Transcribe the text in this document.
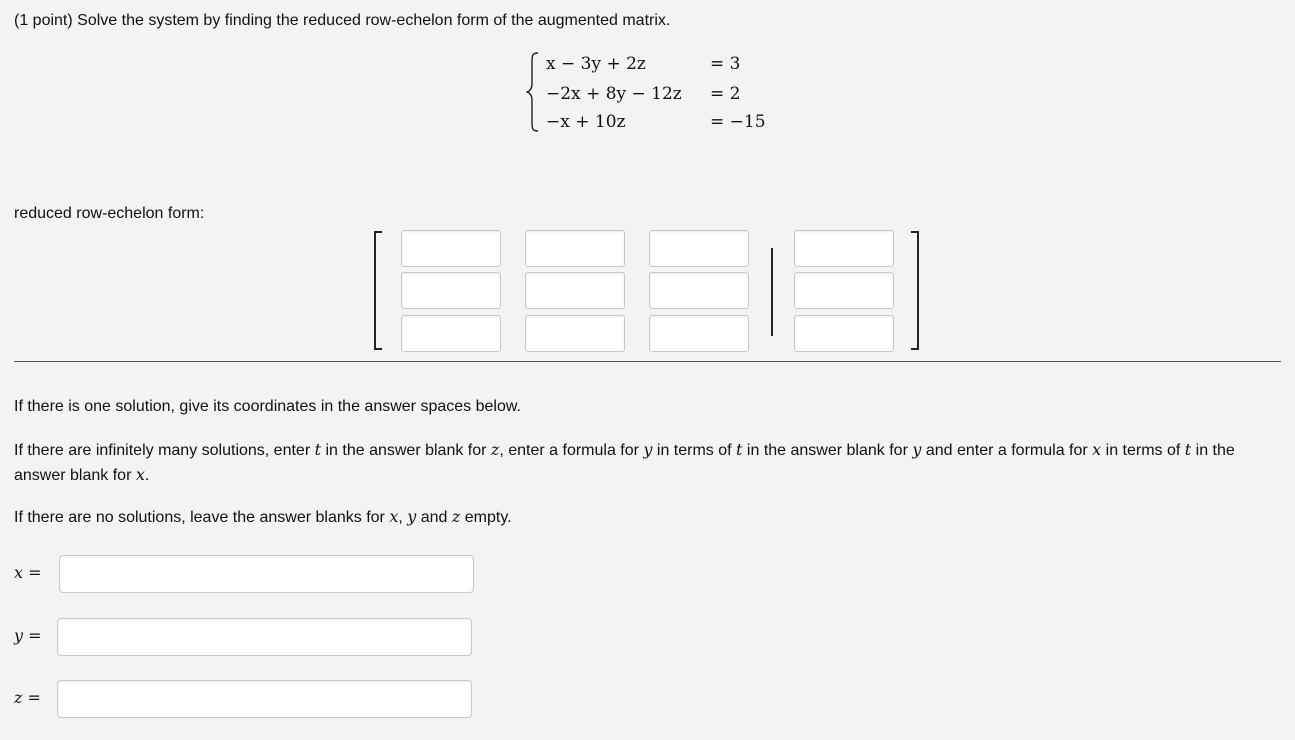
(1 point) Solve the system by finding the reduced row-echelon form of the augmented matrix.
x − 3y + 2z	= 3
−2x + 8y − 12z = 2
−x + 10z	= −15
reduced row-echelon form:
If there is one solution, give its coordinates in the answer spaces below.
If there are infinitely many solutions, enter t in the answer blank for z, enter a formula for y in terms of t in the answer blank for y and enter a formula for x in terms of t in the answer blank for x.
If there are no solutions, leave the answer blanks for x, y and z empty.
x =
y =
z =
